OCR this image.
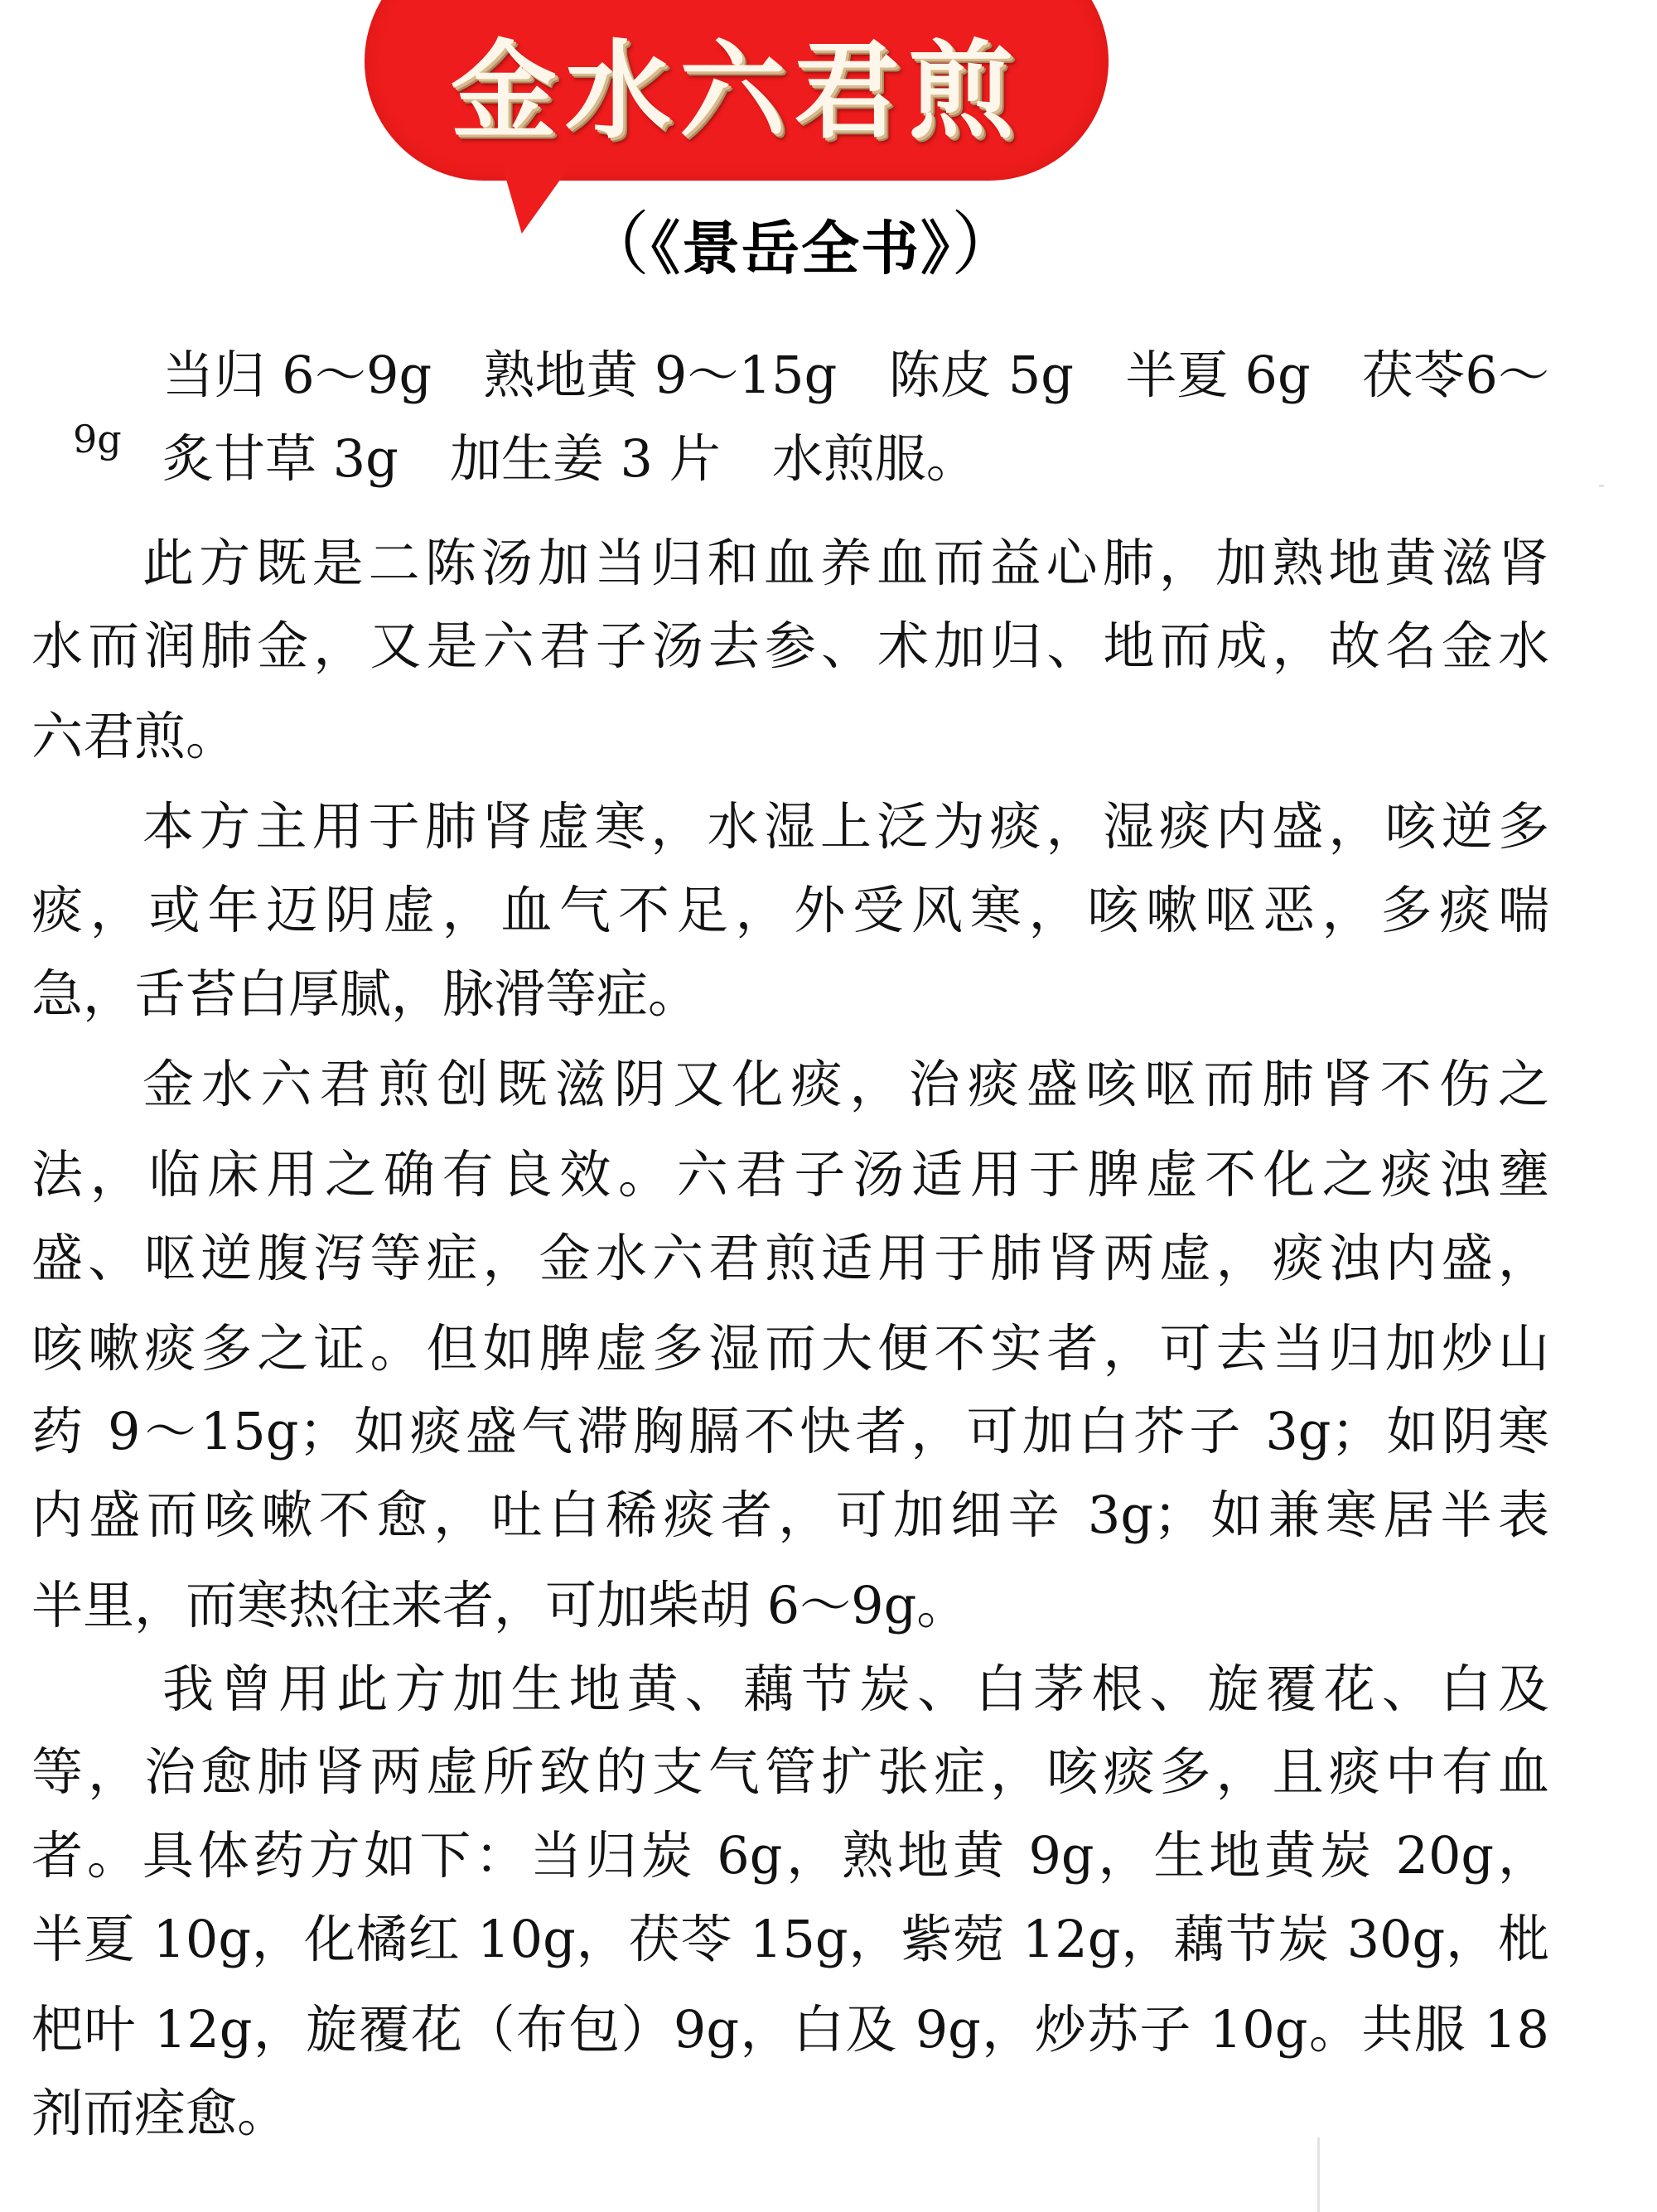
金水六君煎
（《景岳全书》）
当归 6～9g　熟地黄 9～15g　陈皮 5g　半夏 6g　茯苓6～
9g 炙甘草 3g　加生姜 3 片　水煎服。
此方既是二陈汤加当归和血养血而益心肺，加熟地黄滋肾
水而润肺金，又是六君子汤去参、术加归、地而成，故名金水
六君煎。
本方主用于肺肾虚寒，水湿上泛为痰，湿痰内盛，咳逆多
痰，或年迈阴虚，血气不足，外受风寒，咳嗽呕恶，多痰喘
急，舌苔白厚腻，脉滑等症。
金水六君煎创既滋阴又化痰，治痰盛咳呕而肺肾不伤之
法，临床用之确有良效。六君子汤适用于脾虚不化之痰浊壅
盛、呕逆腹泻等症，金水六君煎适用于肺肾两虚，痰浊内盛，
咳嗽痰多之证。但如脾虚多湿而大便不实者，可去当归加炒山
药 9～15g；如痰盛气滞胸膈不快者，可加白芥子 3g；如阴寒
内盛而咳嗽不愈，吐白稀痰者，可加细辛 3g；如兼寒居半表
半里，而寒热往来者，可加柴胡 6～9g。
我曾用此方加生地黄、藕节炭、白茅根、旋覆花、白及
等，治愈肺肾两虚所致的支气管扩张症，咳痰多，且痰中有血
者。具体药方如下：当归炭 6g，熟地黄 9g，生地黄炭 20g，
半夏 10g，化橘红 10g，茯苓 15g，紫菀 12g，藕节炭 30g，枇
杷叶 12g，旋覆花（布包）9g，白及 9g，炒苏子 10g。共服 18
剂而痊愈。
